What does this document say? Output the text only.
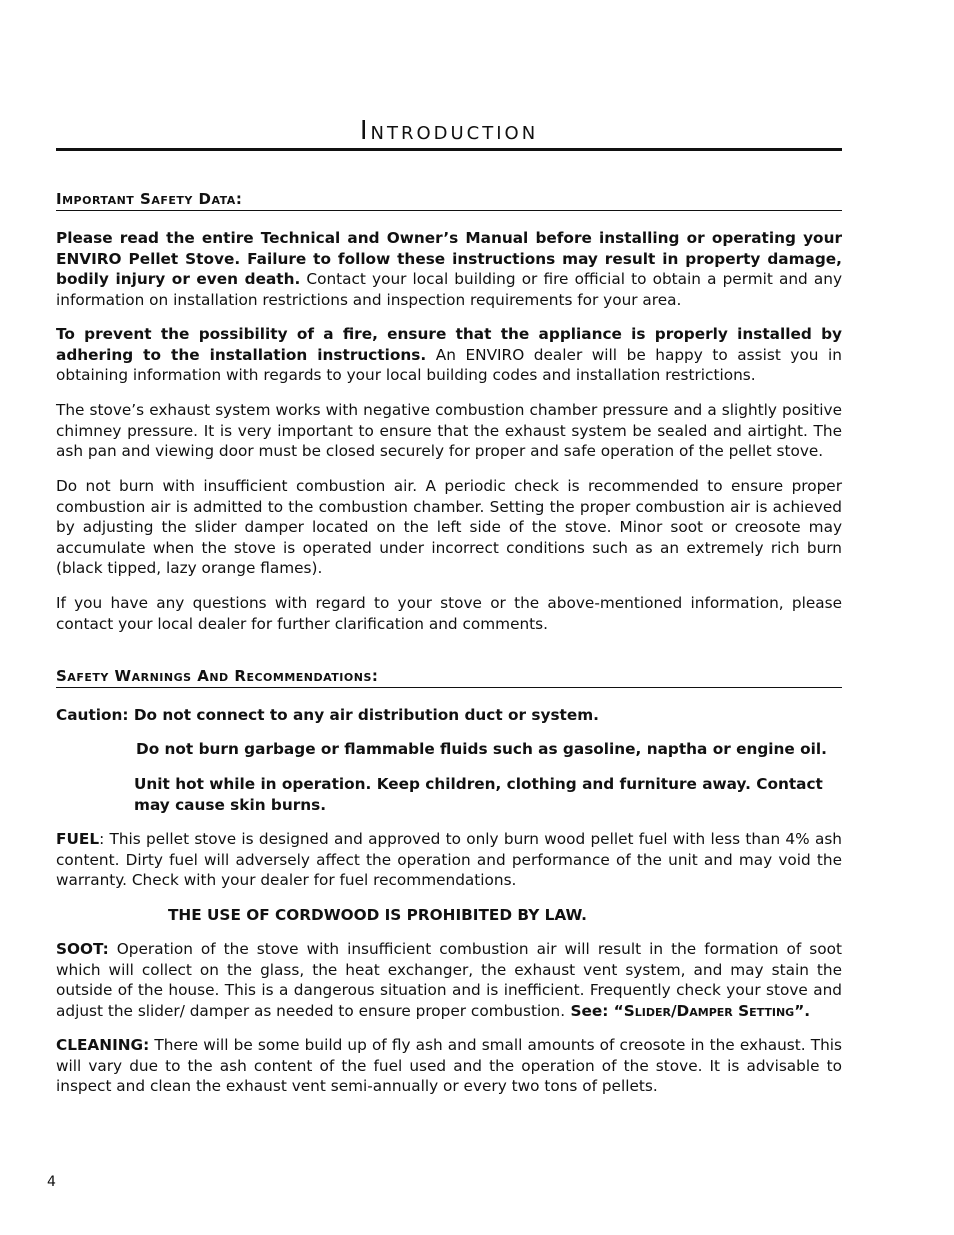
Introduction
Important Safety Data:

Please read the entire Technical and Owner’s Manual before installing or operating your ENVIRO Pellet Stove. Failure to follow these instructions may result in property damage, bodily injury or even death. Contact your local building or fire official to obtain a permit and any information on installation restrictions and inspection requirements for your area.

To prevent the possibility of a fire, ensure that the appliance is properly installed by adhering to the installation instructions. An ENVIRO dealer will be happy to assist you in obtaining information with regards to your local building codes and installation restrictions.

The stove’s exhaust system works with negative combustion chamber pressure and a slightly positive chimney pressure. It is very important to ensure that the exhaust system be sealed and airtight. The ash pan and viewing door must be closed securely for proper and safe operation of the pellet stove.

Do not burn with insufficient combustion air. A periodic check is recommended to ensure proper combustion air is admitted to the combustion chamber. Setting the proper combustion air is achieved by adjusting the slider damper located on the left side of the stove. Minor soot or creosote may accumulate when the stove is operated under incorrect conditions such as an extremely rich burn (black tipped, lazy orange flames).

If you have any questions with regard to your stove or the above-mentioned information, please contact your local dealer for further clarification and comments.

Safety Warnings And Recommendations:

Caution: Do not connect to any air distribution duct or system.

Do not burn garbage or flammable fluids such as gasoline, naptha or engine oil.

Unit hot while in operation. Keep children, clothing and furniture away. Contact may cause skin burns.

FUEL: This pellet stove is designed and approved to only burn wood pellet fuel with less than 4% ash content. Dirty fuel will adversely affect the operation and performance of the unit and may void the warranty. Check with your dealer for fuel recommendations.

THE USE OF CORDWOOD IS PROHIBITED BY LAW.

SOOT: Operation of the stove with insufficient combustion air will result in the formation of soot which will collect on the glass, the heat exchanger, the exhaust vent system, and may stain the outside of the house. This is a dangerous situation and is inefficient. Frequently check your stove and adjust the slider/ damper as needed to ensure proper combustion. See: “Slider/Damper Setting”.

CLEANING: There will be some build up of fly ash and small amounts of creosote in the exhaust. This will vary due to the ash content of the fuel used and the operation of the stove. It is advisable to inspect and clean the exhaust vent semi-annually or every two tons of pellets.

4
